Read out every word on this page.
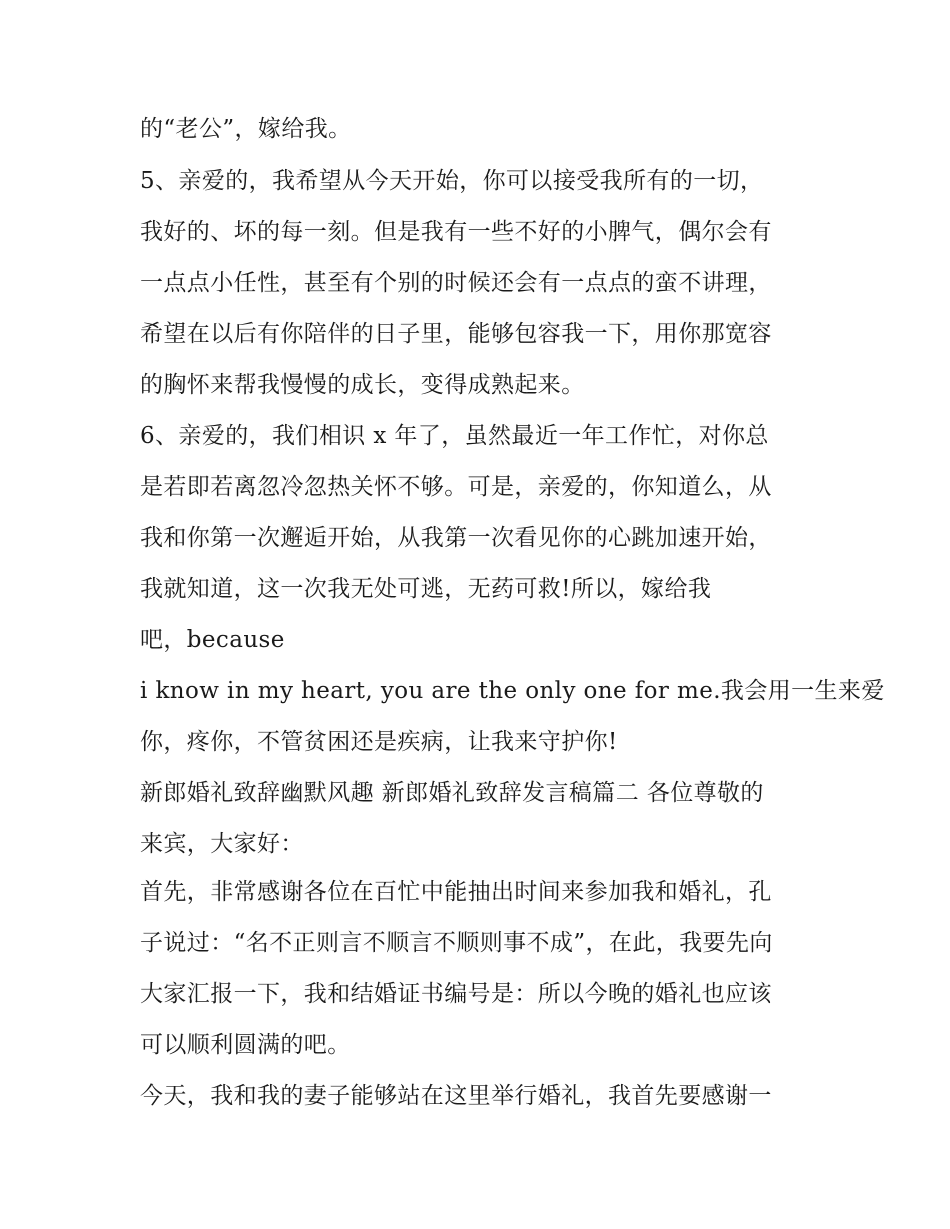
的“老公”，嫁给我。
5、亲爱的，我希望从今天开始，你可以接受我所有的一切，
我好的、坏的每一刻。但是我有一些不好的小脾气，偶尔会有
一点点小任性，甚至有个别的时候还会有一点点的蛮不讲理，
希望在以后有你陪伴的日子里，能够包容我一下，用你那宽容
的胸怀来帮我慢慢的成长，变得成熟起来。
6、亲爱的，我们相识 x 年了，虽然最近一年工作忙，对你总
是若即若离忽冷忽热关怀不够。可是，亲爱的，你知道么，从
我和你第一次邂逅开始，从我第一次看见你的心跳加速开始，
我就知道，这一次我无处可逃，无药可救!所以，嫁给我
吧，because
i know in my heart, you are the only one for me.我会用一生来爱
你，疼你，不管贫困还是疾病，让我来守护你!
新郎婚礼致辞幽默风趣 新郎婚礼致辞发言稿篇二 各位尊敬的
来宾，大家好：
首先，非常感谢各位在百忙中能抽出时间来参加我和婚礼，孔
子说过：“名不正则言不顺言不顺则事不成”，在此，我要先向
大家汇报一下，我和结婚证书编号是：所以今晚的婚礼也应该
可以顺利圆满的吧。
今天，我和我的妻子能够站在这里举行婚礼，我首先要感谢一
